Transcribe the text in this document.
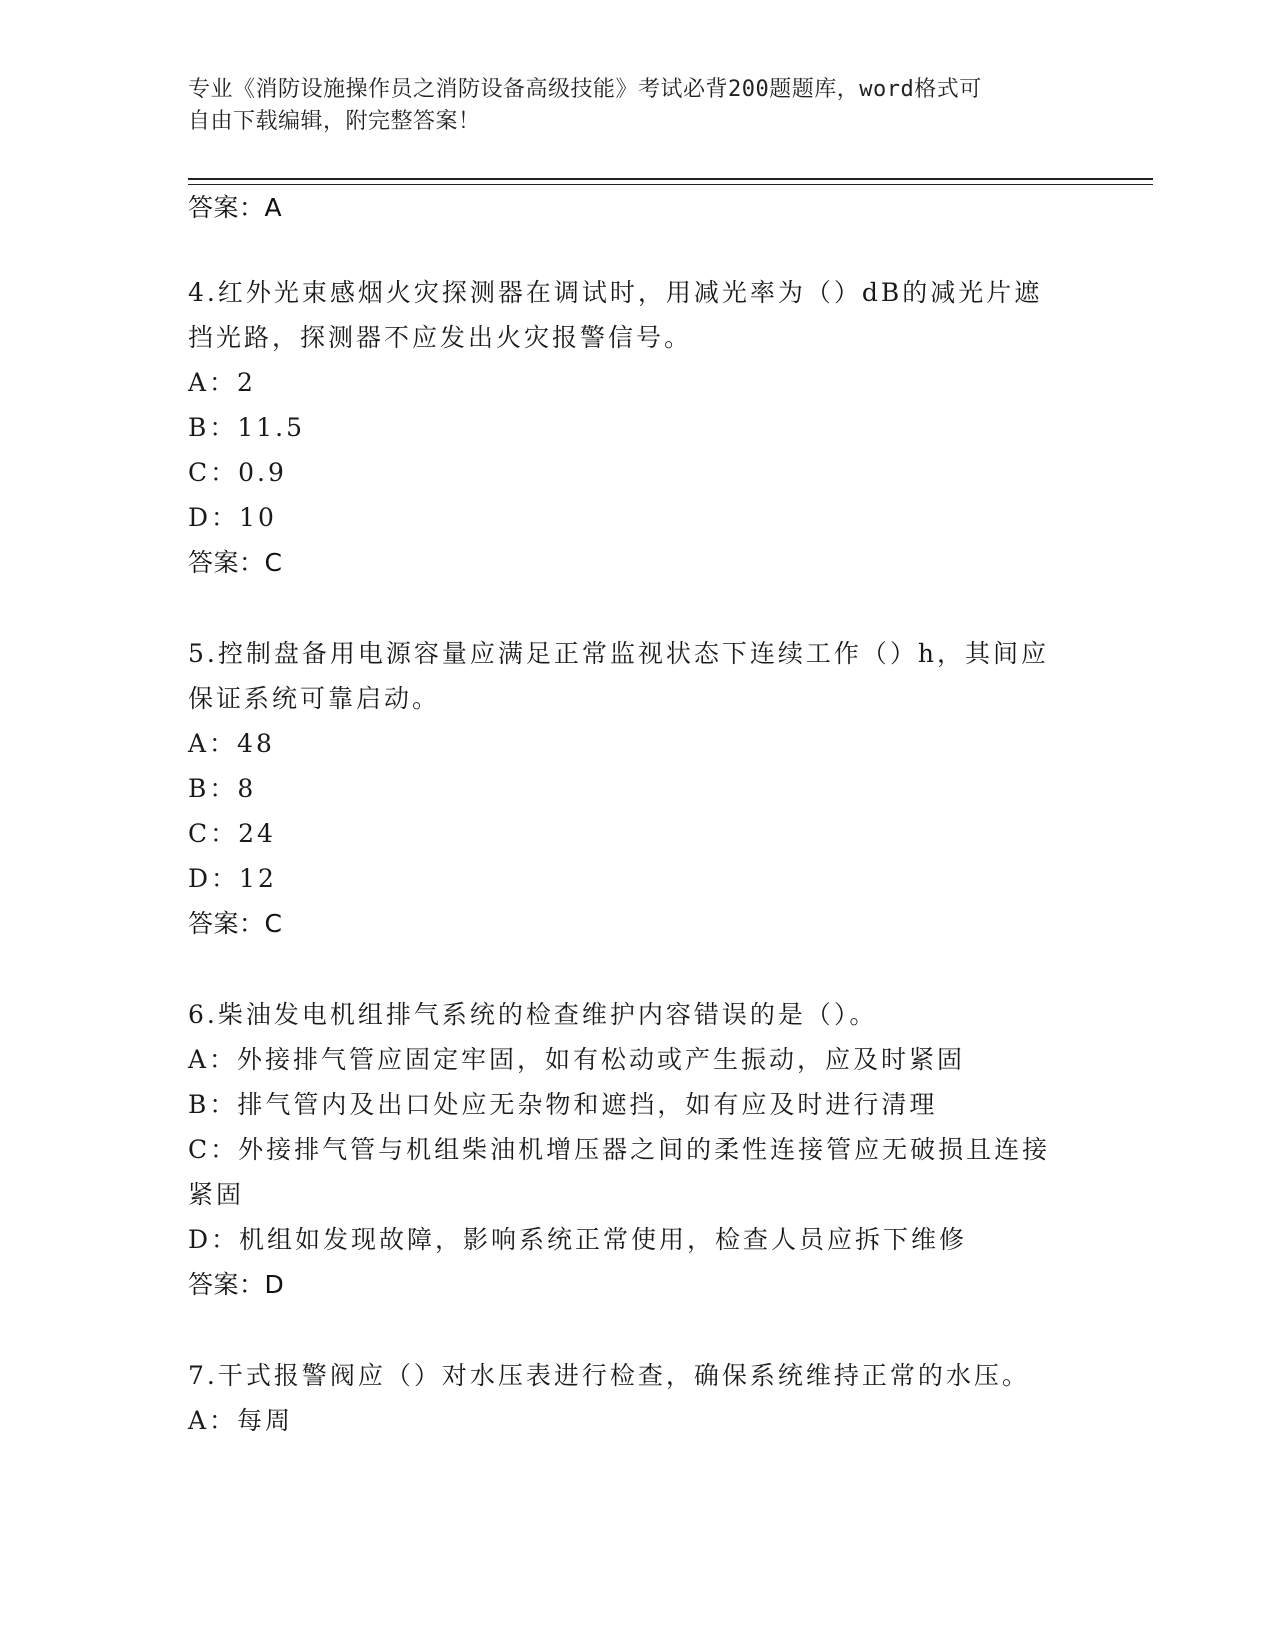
专业《消防设施操作员之消防设备高级技能》考试必背200题题库，word格式可
自由下载编辑，附完整答案！
答案：A
4.红外光束感烟火灾探测器在调试时，用减光率为（）dB的减光片遮
挡光路，探测器不应发出火灾报警信号。
A：2
B：11.5
C：0.9
D：10
答案：C
5.控制盘备用电源容量应满足正常监视状态下连续工作（）h，其间应
保证系统可靠启动。
A：48
B：8
C：24
D：12
答案：C
6.柴油发电机组排气系统的检查维护内容错误的是（）。
A：外接排气管应固定牢固，如有松动或产生振动，应及时紧固
B：排气管内及出口处应无杂物和遮挡，如有应及时进行清理
C：外接排气管与机组柴油机增压器之间的柔性连接管应无破损且连接
紧固
D：机组如发现故障，影响系统正常使用，检查人员应拆下维修
答案：D
7.干式报警阀应（）对水压表进行检查，确保系统维持正常的水压。
A：每周
